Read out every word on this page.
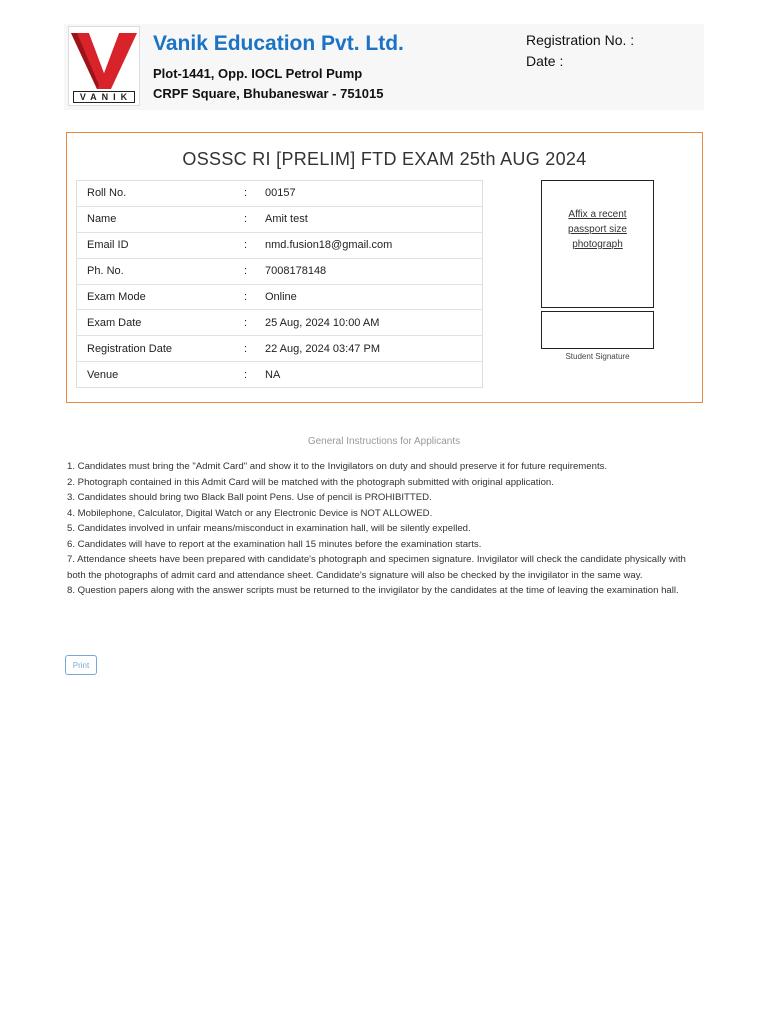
VANIK
Vanik Education Pvt. Ltd.
Plot-1441, Opp. IOCL Petrol Pump
CRPF Square, Bhubaneswar - 751015
Registration No. :
Date :
OSSSC RI [PRELIM] FTD EXAM 25th AUG 2024
Roll No.	:	00157
Name	:	Amit test
Email ID	:	nmd.fusion18@gmail.com
Ph. No.	:	7008178148
Exam Mode	:	Online
Exam Date	:	25 Aug, 2024 10:00 AM
Registration Date	:	22 Aug, 2024 03:47 PM
Venue	:	NA
Affix a recent passport size photograph
Student Signature
General Instructions for Applicants

1. Candidates must bring the "Admit Card" and show it to the Invigilators on duty and should preserve it for future requirements.

2. Photograph contained in this Admit Card will be matched with the photograph submitted with original application.

3. Candidates should bring two Black Ball point Pens. Use of pencil is PROHIBITTED.

4. Mobilephone, Calculator, Digital Watch or any Electronic Device is NOT ALLOWED.

5. Candidates involved in unfair means/misconduct in examination hall, will be silently expelled.

6. Candidates will have to report at the examination hall 15 minutes before the examination starts.

7. Attendance sheets have been prepared with candidate's photograph and specimen signature. Invigilator will check the candidate physically with both the photographs of admit card and attendance sheet. Candidate's signature will also be checked by the invigilator in the same way.

8. Question papers along with the answer scripts must be returned to the invigilator by the candidates at the time of leaving the examination hall.

Print
